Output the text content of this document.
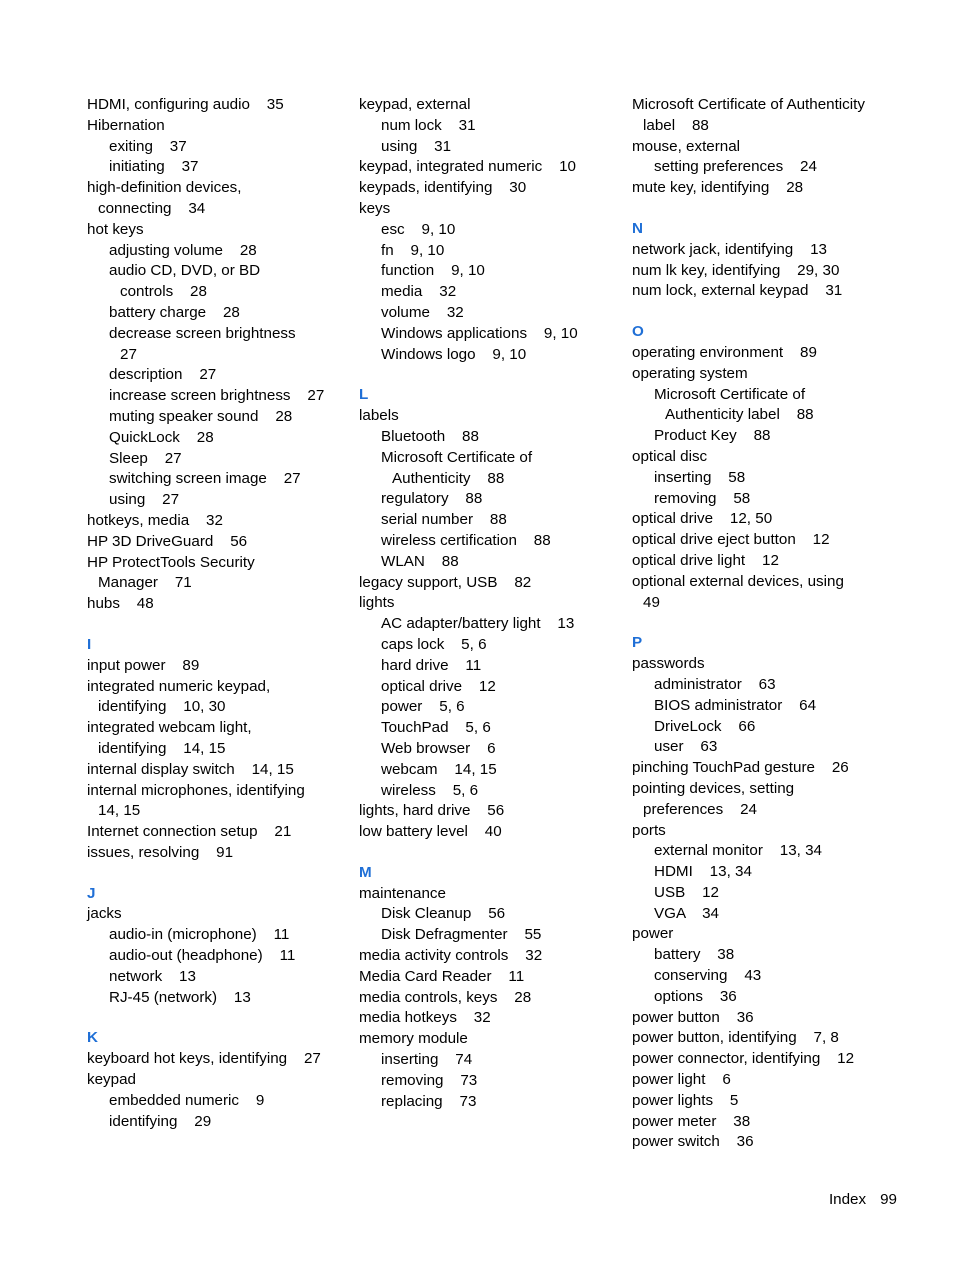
HDMI, configuring audio    35
Hibernation
exiting    37
initiating    37
high-definition devices,
connecting    34
hot keys
adjusting volume    28
audio CD, DVD, or BD
controls    28
battery charge    28
decrease screen brightness
27
description    27
increase screen brightness    27
muting speaker sound    28
QuickLock    28
Sleep    27
switching screen image    27
using    27
hotkeys, media    32
HP 3D DriveGuard    56
HP ProtectTools Security
Manager    71
hubs    48
I
input power    89
integrated numeric keypad,
identifying    10, 30
integrated webcam light,
identifying    14, 15
internal display switch    14, 15
internal microphones, identifying
14, 15
Internet connection setup    21
issues, resolving    91
J
jacks
audio-in (microphone)    11
audio-out (headphone)    11
network    13
RJ-45 (network)    13
K
keyboard hot keys, identifying    27
keypad
embedded numeric    9
identifying    29
keypad, external
num lock    31
using    31
keypad, integrated numeric    10
keypads, identifying    30
keys
esc    9, 10
fn    9, 10
function    9, 10
media    32
volume    32
Windows applications    9, 10
Windows logo    9, 10
L
labels
Bluetooth    88
Microsoft Certificate of
Authenticity    88
regulatory    88
serial number    88
wireless certification    88
WLAN    88
legacy support, USB    82
lights
AC adapter/battery light    13
caps lock    5, 6
hard drive    11
optical drive    12
power    5, 6
TouchPad    5, 6
Web browser    6
webcam    14, 15
wireless    5, 6
lights, hard drive    56
low battery level    40
M
maintenance
Disk Cleanup    56
Disk Defragmenter    55
media activity controls    32
Media Card Reader    11
media controls, keys    28
media hotkeys    32
memory module
inserting    74
removing    73
replacing    73
Microsoft Certificate of Authenticity
label    88
mouse, external
setting preferences    24
mute key, identifying    28
N
network jack, identifying    13
num lk key, identifying    29, 30
num lock, external keypad    31
O
operating environment    89
operating system
Microsoft Certificate of
Authenticity label    88
Product Key    88
optical disc
inserting    58
removing    58
optical drive    12, 50
optical drive eject button    12
optical drive light    12
optional external devices, using
49
P
passwords
administrator    63
BIOS administrator    64
DriveLock    66
user    63
pinching TouchPad gesture    26
pointing devices, setting
preferences    24
ports
external monitor    13, 34
HDMI    13, 34
USB    12
VGA    34
power
battery    38
conserving    43
options    36
power button    36
power button, identifying    7, 8
power connector, identifying    12
power light    6
power lights    5
power meter    38
power switch    36
Index 99
